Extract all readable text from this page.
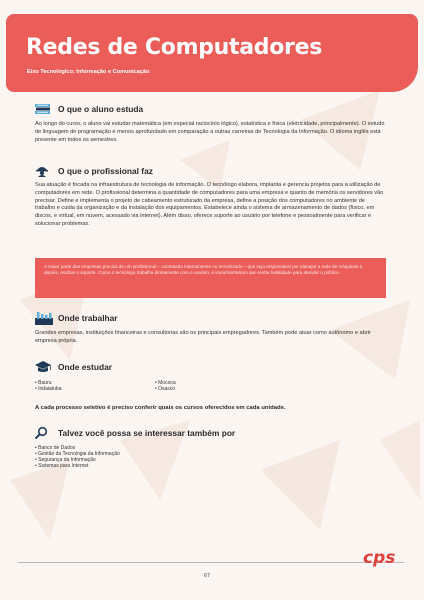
Redes de Computadores
Eixo Tecnológico: Informação e Comunicação
O que o aluno estuda

Ao longo do curso, o aluno vai estudar matemática (em especial raciocínio lógico), estatística e física (eletricidade, principalmente). O estudo de linguagem de programação é menos aprofundado em comparação a outras carreiras de Tecnologia da Informação. O idioma inglês está presente em todos os semestres.

O que o profissional faz

Sua atuação é focada na infraestrutura de tecnologia de informação. O tecnólogo elabora, implanta e gerencia projetos para a utilização de computadores em rede. O profissional determina a quantidade de computadores para uma empresa e quanto de memória os servidores vão precisar. Define e implementa o projeto de cabeamento estruturado da empresa, define a posição dos computadores no ambiente de trabalho e cuida da organização e da instalação dos equipamentos. Estabelece ainda o sistema de armazenamento de dados (físico, em discos, e virtual, em nuvem, acessado via internet). Além disso, oferece suporte ao usuário por telefone e pessoalmente para verificar e solucionar problemas.

A maior parte das empresas precisa de um profissional – contratado internamente ou terceirizado – que seja responsável por planejar a rede de máquinas e, depois, realizar o suporte. Como o tecnólogo trabalha diretamente com o usuário, é importantíssimo que tenha habilidade para atender o público.

Onde trabalhar

Grandes empresas, instituições financeiras e consultorias são os principais empregadores. Também pode atuar como autônomo e abrir empresa própria.

Onde estudar
• Bauru
• Indaiatuba
• Mococa
• Osasco
A cada processo seletivo é preciso conferir quais os cursos oferecidos em cada unidade.
Talvez você possa se interessar também por
• Banco de Dados
• Gestão da Tecnologia da Informação
• Segurança da Informação
• Sistemas para Internet
cps
67
